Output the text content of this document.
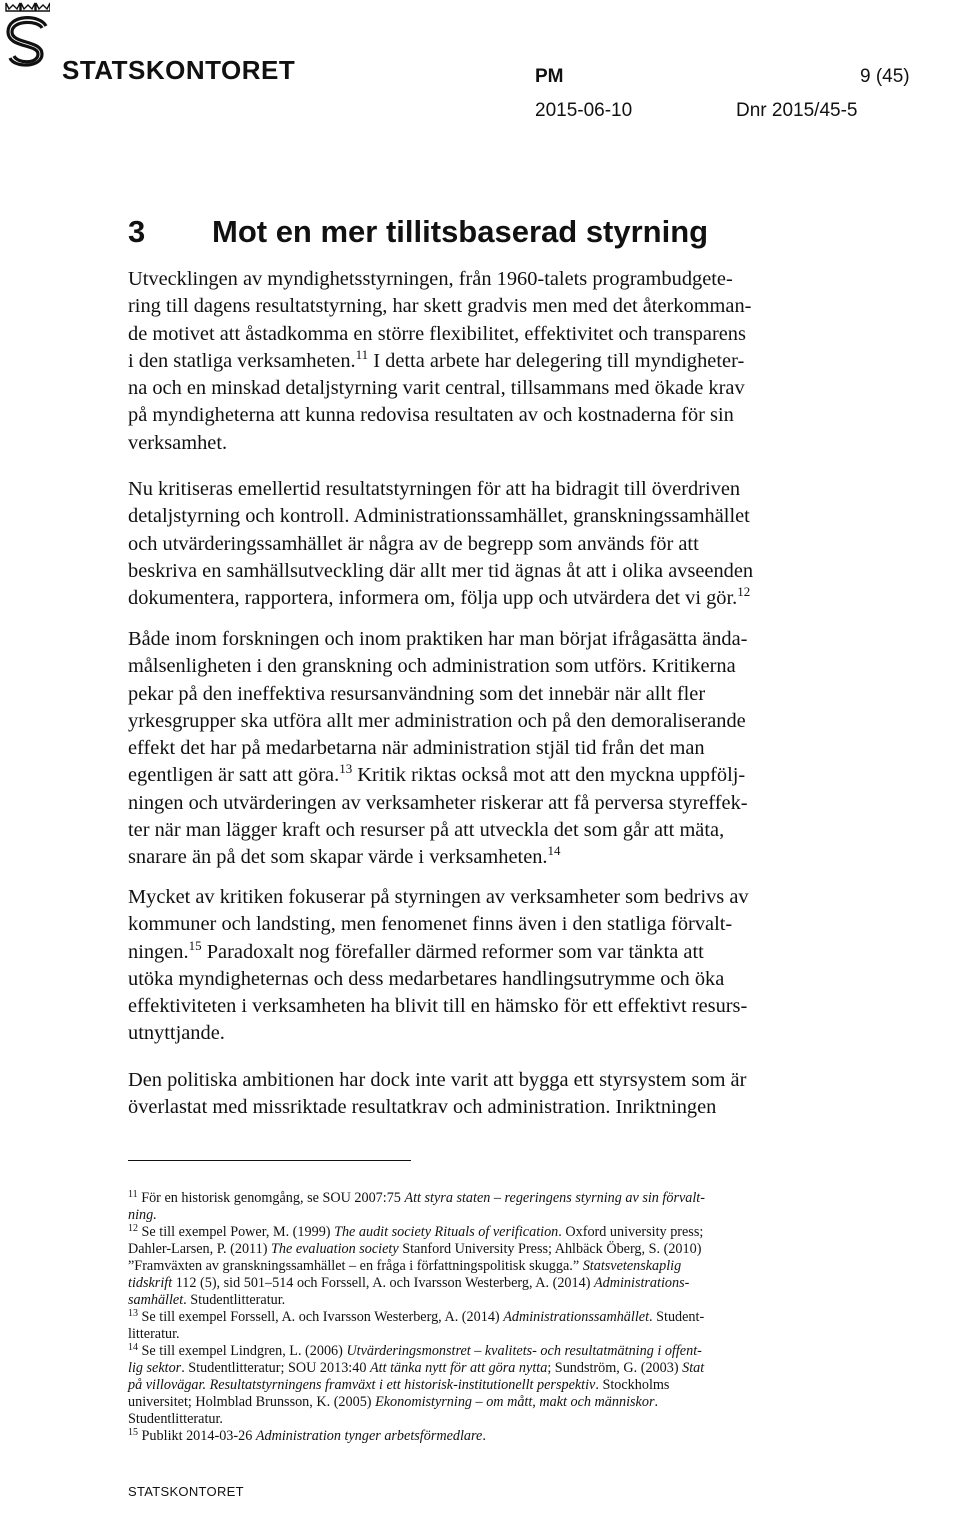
STATSKONTORET	PM	9 (45)
2015-06-10	Dnr 2015/45-5
3 Mot en mer tillitsbaserad styrning
Utvecklingen av myndighetsstyrningen, från 1960-talets programbudgete-
ring till dagens resultatstyrning, har skett gradvis men med det återkomman-
de motivet att åstadkomma en större flexibilitet, effektivitet och transparens
i den statliga verksamheten.$^{11}$ I detta arbete har delegering till myndigheter-
na och en minskad detaljstyrning varit central, tillsammans med ökade krav
på myndigheterna att kunna redovisa resultaten av och kostnaderna för sin
verksamhet.
Nu kritiseras emellertid resultatstyrningen för att ha bidragit till överdriven
detaljstyrning och kontroll. Administrationssamhället, granskningssamhället
och utvärderingssamhället är några av de begrepp som används för att
beskriva en samhällsutveckling där allt mer tid ägnas åt att i olika avseenden
dokumentera, rapportera, informera om, följa upp och utvärdera det vi gör.$^{12}$
Både inom forskningen och inom praktiken har man börjat ifrågasätta ända-
målsenligheten i den granskning och administration som utförs. Kritikerna
pekar på den ineffektiva resursanvändning som det innebär när allt fler
yrkesgrupper ska utföra allt mer administration och på den demoraliserande
effekt det har på medarbetarna när administration stjäl tid från det man
egentligen är satt att göra.$^{13}$ Kritik riktas också mot att den myckna uppfölj-
ningen och utvärderingen av verksamheter riskerar att få perversa styreffek-
ter när man lägger kraft och resurser på att utveckla det som går att mäta,
snarare än på det som skapar värde i verksamheten.$^{14}$
Mycket av kritiken fokuserar på styrningen av verksamheter som bedrivs av
kommuner och landsting, men fenomenet finns även i den statliga förvalt-
ningen.$^{15}$ Paradoxalt nog förefaller därmed reformer som var tänkta att
utöka myndigheternas och dess medarbetares handlingsutrymme och öka
effektiviteten i verksamheten ha blivit till en hämsko för ett effektivt resurs-
utnyttjande.
Den politiska ambitionen har dock inte varit att bygga ett styrsystem som är
överlastat med missriktade resultatkrav och administration. Inriktningen
$^{11}$ För en historisk genomgång, se SOU 2007:75 Att styra staten – regeringens styrning av sin förvalt-
ning.
$^{12}$ Se till exempel Power, M. (1999) The audit society Rituals of verification. Oxford university press;
Dahler-Larsen, P. (2011) The evaluation society Stanford University Press; Ahlbäck Öberg, S. (2010)
”Framväxten av granskningssamhället – en fråga i författningspolitisk skugga.” Statsvetenskaplig
tidskrift 112 (5), sid 501–514 och Forssell, A. och Ivarsson Westerberg, A. (2014) Administrations-
samhället. Studentlitteratur.
$^{13}$ Se till exempel Forssell, A. och Ivarsson Westerberg, A. (2014) Administrationssamhället. Student-
litteratur.
$^{14}$ Se till exempel Lindgren, L. (2006) Utvärderingsmonstret – kvalitets- och resultatmätning i offent-
lig sektor. Studentlitteratur; SOU 2013:40 Att tänka nytt för att göra nytta; Sundström, G. (2003) Stat
på villovägar. Resultatstyrningens framväxt i ett historisk-institutionellt perspektiv. Stockholms
universitet; Holmblad Brunsson, K. (2005) Ekonomistyrning – om mått, makt och människor.
Studentlitteratur.
$^{15}$ Publikt 2014-03-26 Administration tynger arbetsförmedlare.
STATSKONTORET
